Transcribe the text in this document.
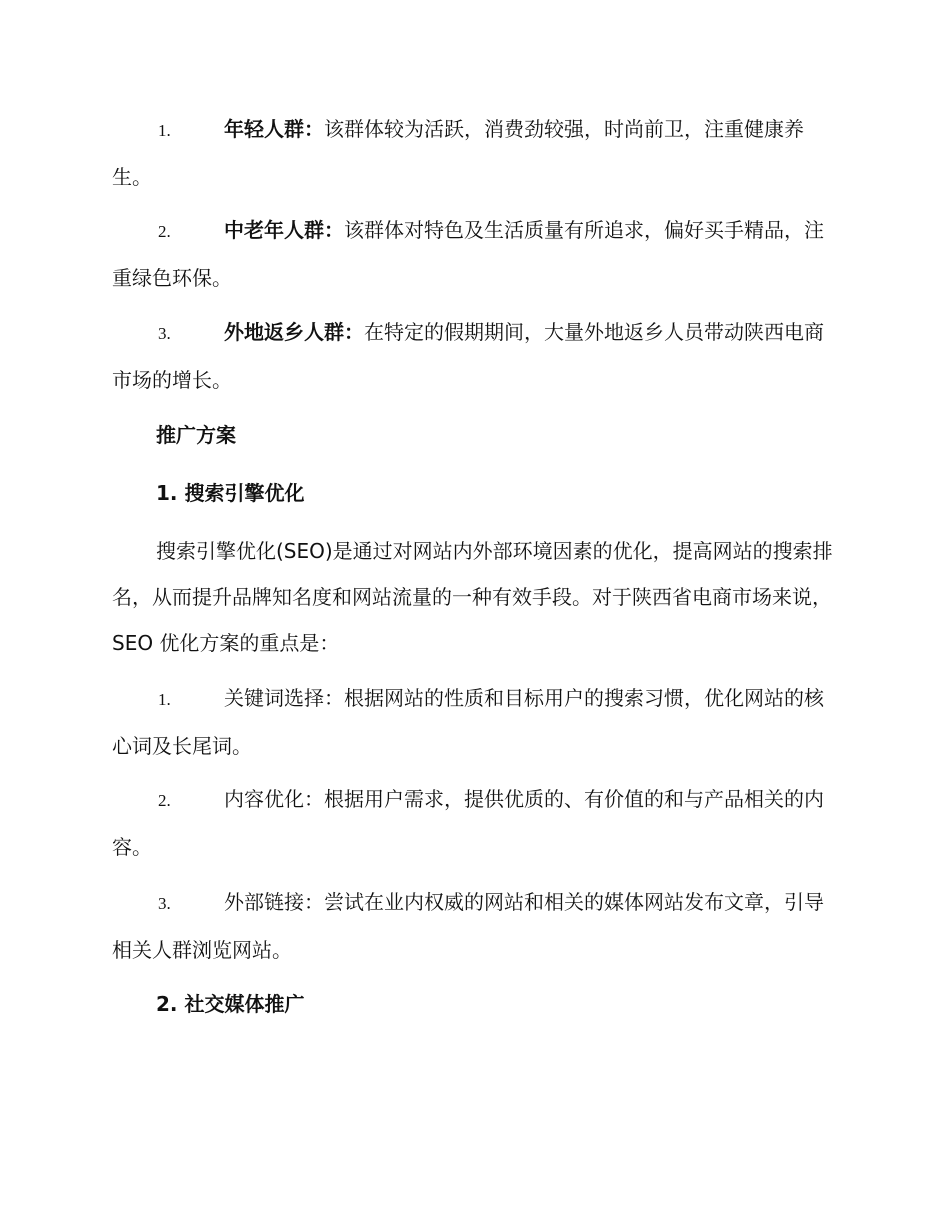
1.	年轻人群：该群体较为活跃，消费劲较强，时尚前卫，注重健康养生。

2.	中老年人群：该群体对特色及生活质量有所追求，偏好买手精品，注重绿色环保。

3.	外地返乡人群：在特定的假期期间，大量外地返乡人员带动陕西电商市场的增长。

推广方案

1. 搜索引擎优化

搜索引擎优化(SEO)是通过对网站内外部环境因素的优化，提高网站的搜索排名，从而提升品牌知名度和网站流量的一种有效手段。对于陕西省电商市场来说，SEO 优化方案的重点是：

1.	关键词选择：根据网站的性质和目标用户的搜索习惯，优化网站的核心词及长尾词。

2.	内容优化：根据用户需求，提供优质的、有价值的和与产品相关的内容。

3.	外部链接：尝试在业内权威的网站和相关的媒体网站发布文章，引导相关人群浏览网站。

2. 社交媒体推广
